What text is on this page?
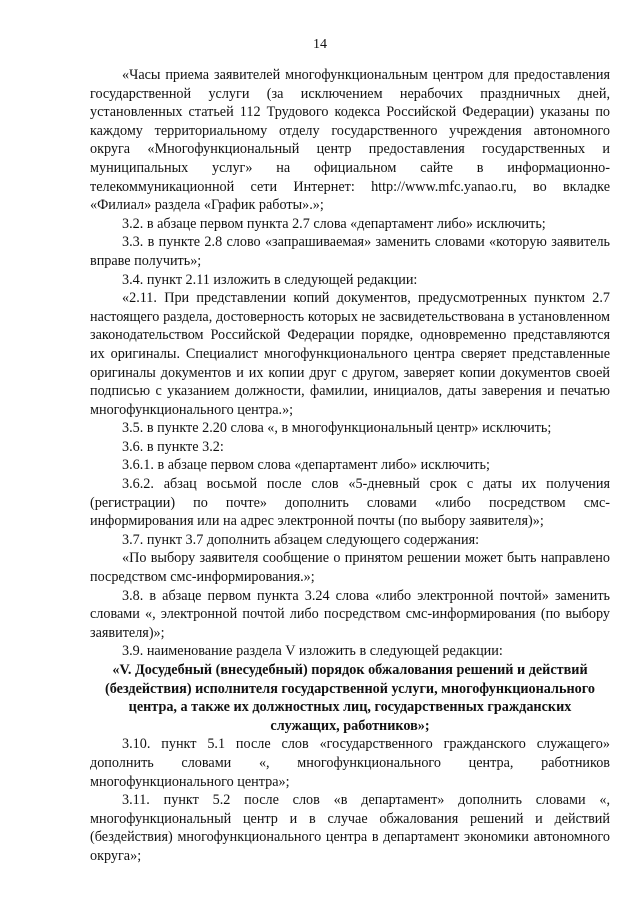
14

«Часы приема заявителей многофункциональным центром для предоставления государственной услуги (за исключением нерабочих праздничных дней, установленных статьей 112 Трудового кодекса Российской Федерации) указаны по каждому территориальному отделу государственного учреждения автономного округа «Многофункциональный центр предоставления государственных и муниципальных услуг» на официальном сайте в информационно-телекоммуникационной сети Интернет: http://www.mfc.yanao.ru, во вкладке «Филиал» раздела «График работы».»;

3.2. в абзаце первом пункта 2.7 слова «департамент либо» исключить;

3.3. в пункте 2.8 слово «запрашиваемая» заменить словами «которую заявитель вправе получить»;

3.4. пункт 2.11 изложить в следующей редакции:

«2.11. При представлении копий документов, предусмотренных пунктом 2.7 настоящего раздела, достоверность которых не засвидетельствована в установленном законодательством Российской Федерации порядке, одновременно представляются их оригиналы. Специалист многофункционального центра сверяет представленные оригиналы документов и их копии друг с другом, заверяет копии документов своей подписью с указанием должности, фамилии, инициалов, даты заверения и печатью многофункционального центра.»;

3.5. в пункте 2.20 слова «, в многофункциональный центр» исключить;

3.6. в пункте 3.2:

3.6.1. в абзаце первом слова «департамент либо» исключить;

3.6.2. абзац восьмой после слов «5-дневный срок с даты их получения (регистрации) по почте» дополнить словами «либо посредством смс-информирования или на адрес электронной почты (по выбору заявителя)»;

3.7. пункт 3.7 дополнить абзацем следующего содержания:

«По выбору заявителя сообщение о принятом решении может быть направлено посредством смс-информирования.»;

3.8. в абзаце первом пункта 3.24 слова «либо электронной почтой» заменить словами «, электронной почтой либо посредством смс-информирования (по выбору заявителя)»;

3.9. наименование раздела V изложить в следующей редакции:

«V. Досудебный (внесудебный) порядок обжалования решений и действий (бездействия) исполнителя государственной услуги, многофункционального центра, а также их должностных лиц, государственных гражданских служащих, работников»;

3.10. пункт 5.1 после слов «государственного гражданского служащего» дополнить словами «, многофункционального центра, работников многофункционального центра»;

3.11. пункт 5.2 после слов «в департамент» дополнить словами «, многофункциональный центр и в случае обжалования решений и действий (бездействия) многофункционального центра в департамент экономики автономного округа»;
